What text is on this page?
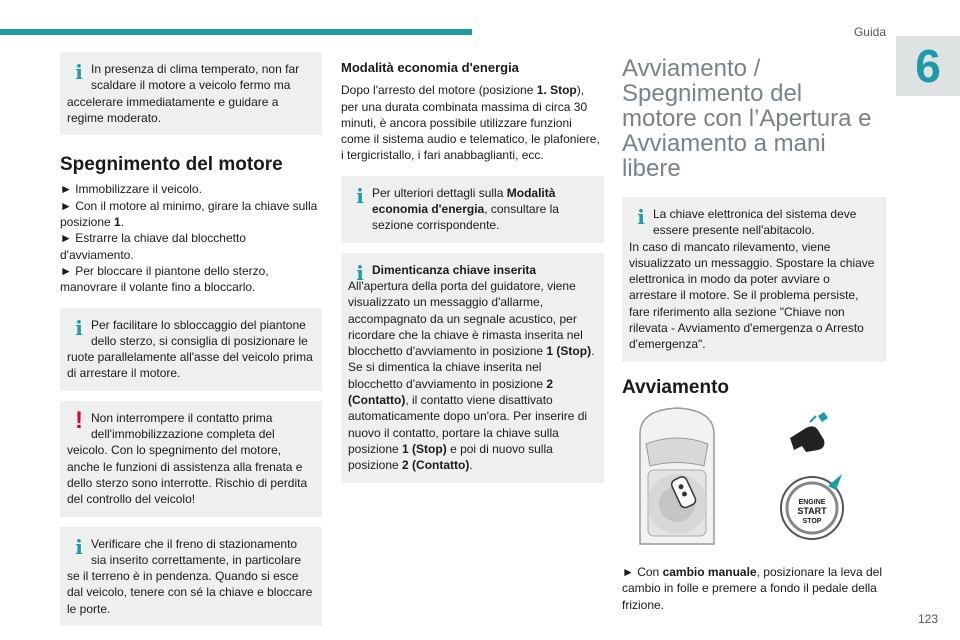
Guida
6
123
i In presenza di clima temperato, non far scaldare il motore a veicolo fermo ma

accelerare immediatamente e guidare a regime moderato.

Spegnimento del motore

► Immobilizzare il veicolo.

► Con il motore al minimo, girare la chiave sulla posizione 1.

► Estrarre la chiave dal blocchetto d'avviamento.

► Per bloccare il piantone dello sterzo, manovrare il volante fino a bloccarlo.

i Per facilitare lo sbloccaggio del piantone dello sterzo, si consiglia di posizionare le

ruote parallelamente all'asse del veicolo prima di arrestare il motore.

! Non interrompere il contatto prima dell'immobilizzazione completa del

veicolo. Con lo spegnimento del motore, anche le funzioni di assistenza alla frenata e dello sterzo sono interrotte. Rischio di perdita del controllo del veicolo!

i Verificare che il freno di stazionamento sia inserito correttamente, in particolare

se il terreno è in pendenza. Quando si esce dal veicolo, tenere con sé la chiave e bloccare le porte.

Modalità economia d'energia

Dopo l'arresto del motore (posizione 1. Stop), per una durata combinata massima di circa 30 minuti, è ancora possibile utilizzare funzioni come il sistema audio e telematico, le plafoniere, i tergicristallo, i fari anabbaglianti, ecc.

i Per ulteriori dettagli sulla Modalità economia d'energia, consultare la sezione corrispondente.

i Dimenticanza chiave inserita

All'apertura della porta del guidatore, viene visualizzato un messaggio d'allarme, accompagnato da un segnale acustico, per ricordare che la chiave è rimasta inserita nel blocchetto d'avviamento in posizione 1 (Stop). Se si dimentica la chiave inserita nel blocchetto d'avviamento in posizione 2 (Contatto), il contatto viene disattivato automaticamente dopo un'ora. Per inserire di nuovo il contatto, portare la chiave sulla posizione 1 (Stop) e poi di nuovo sulla posizione 2 (Contatto).

Avviamento / Spegnimento del motore con l’Apertura e Avviamento a mani libere
i La chiave elettronica del sistema deve essere presente nell'abitacolo.

In caso di mancato rilevamento, viene visualizzato un messaggio. Spostare la chiave elettronica in modo da poter avviare o arrestare il motore. Se il problema persiste, fare riferimento alla sezione "Chiave non rilevata - Avviamento d'emergenza o Arresto d'emergenza".

Avviamento
ENGINE
START
STOP

► Con cambio manuale, posizionare la leva del cambio in folle e premere a fondo il pedale della frizione.
